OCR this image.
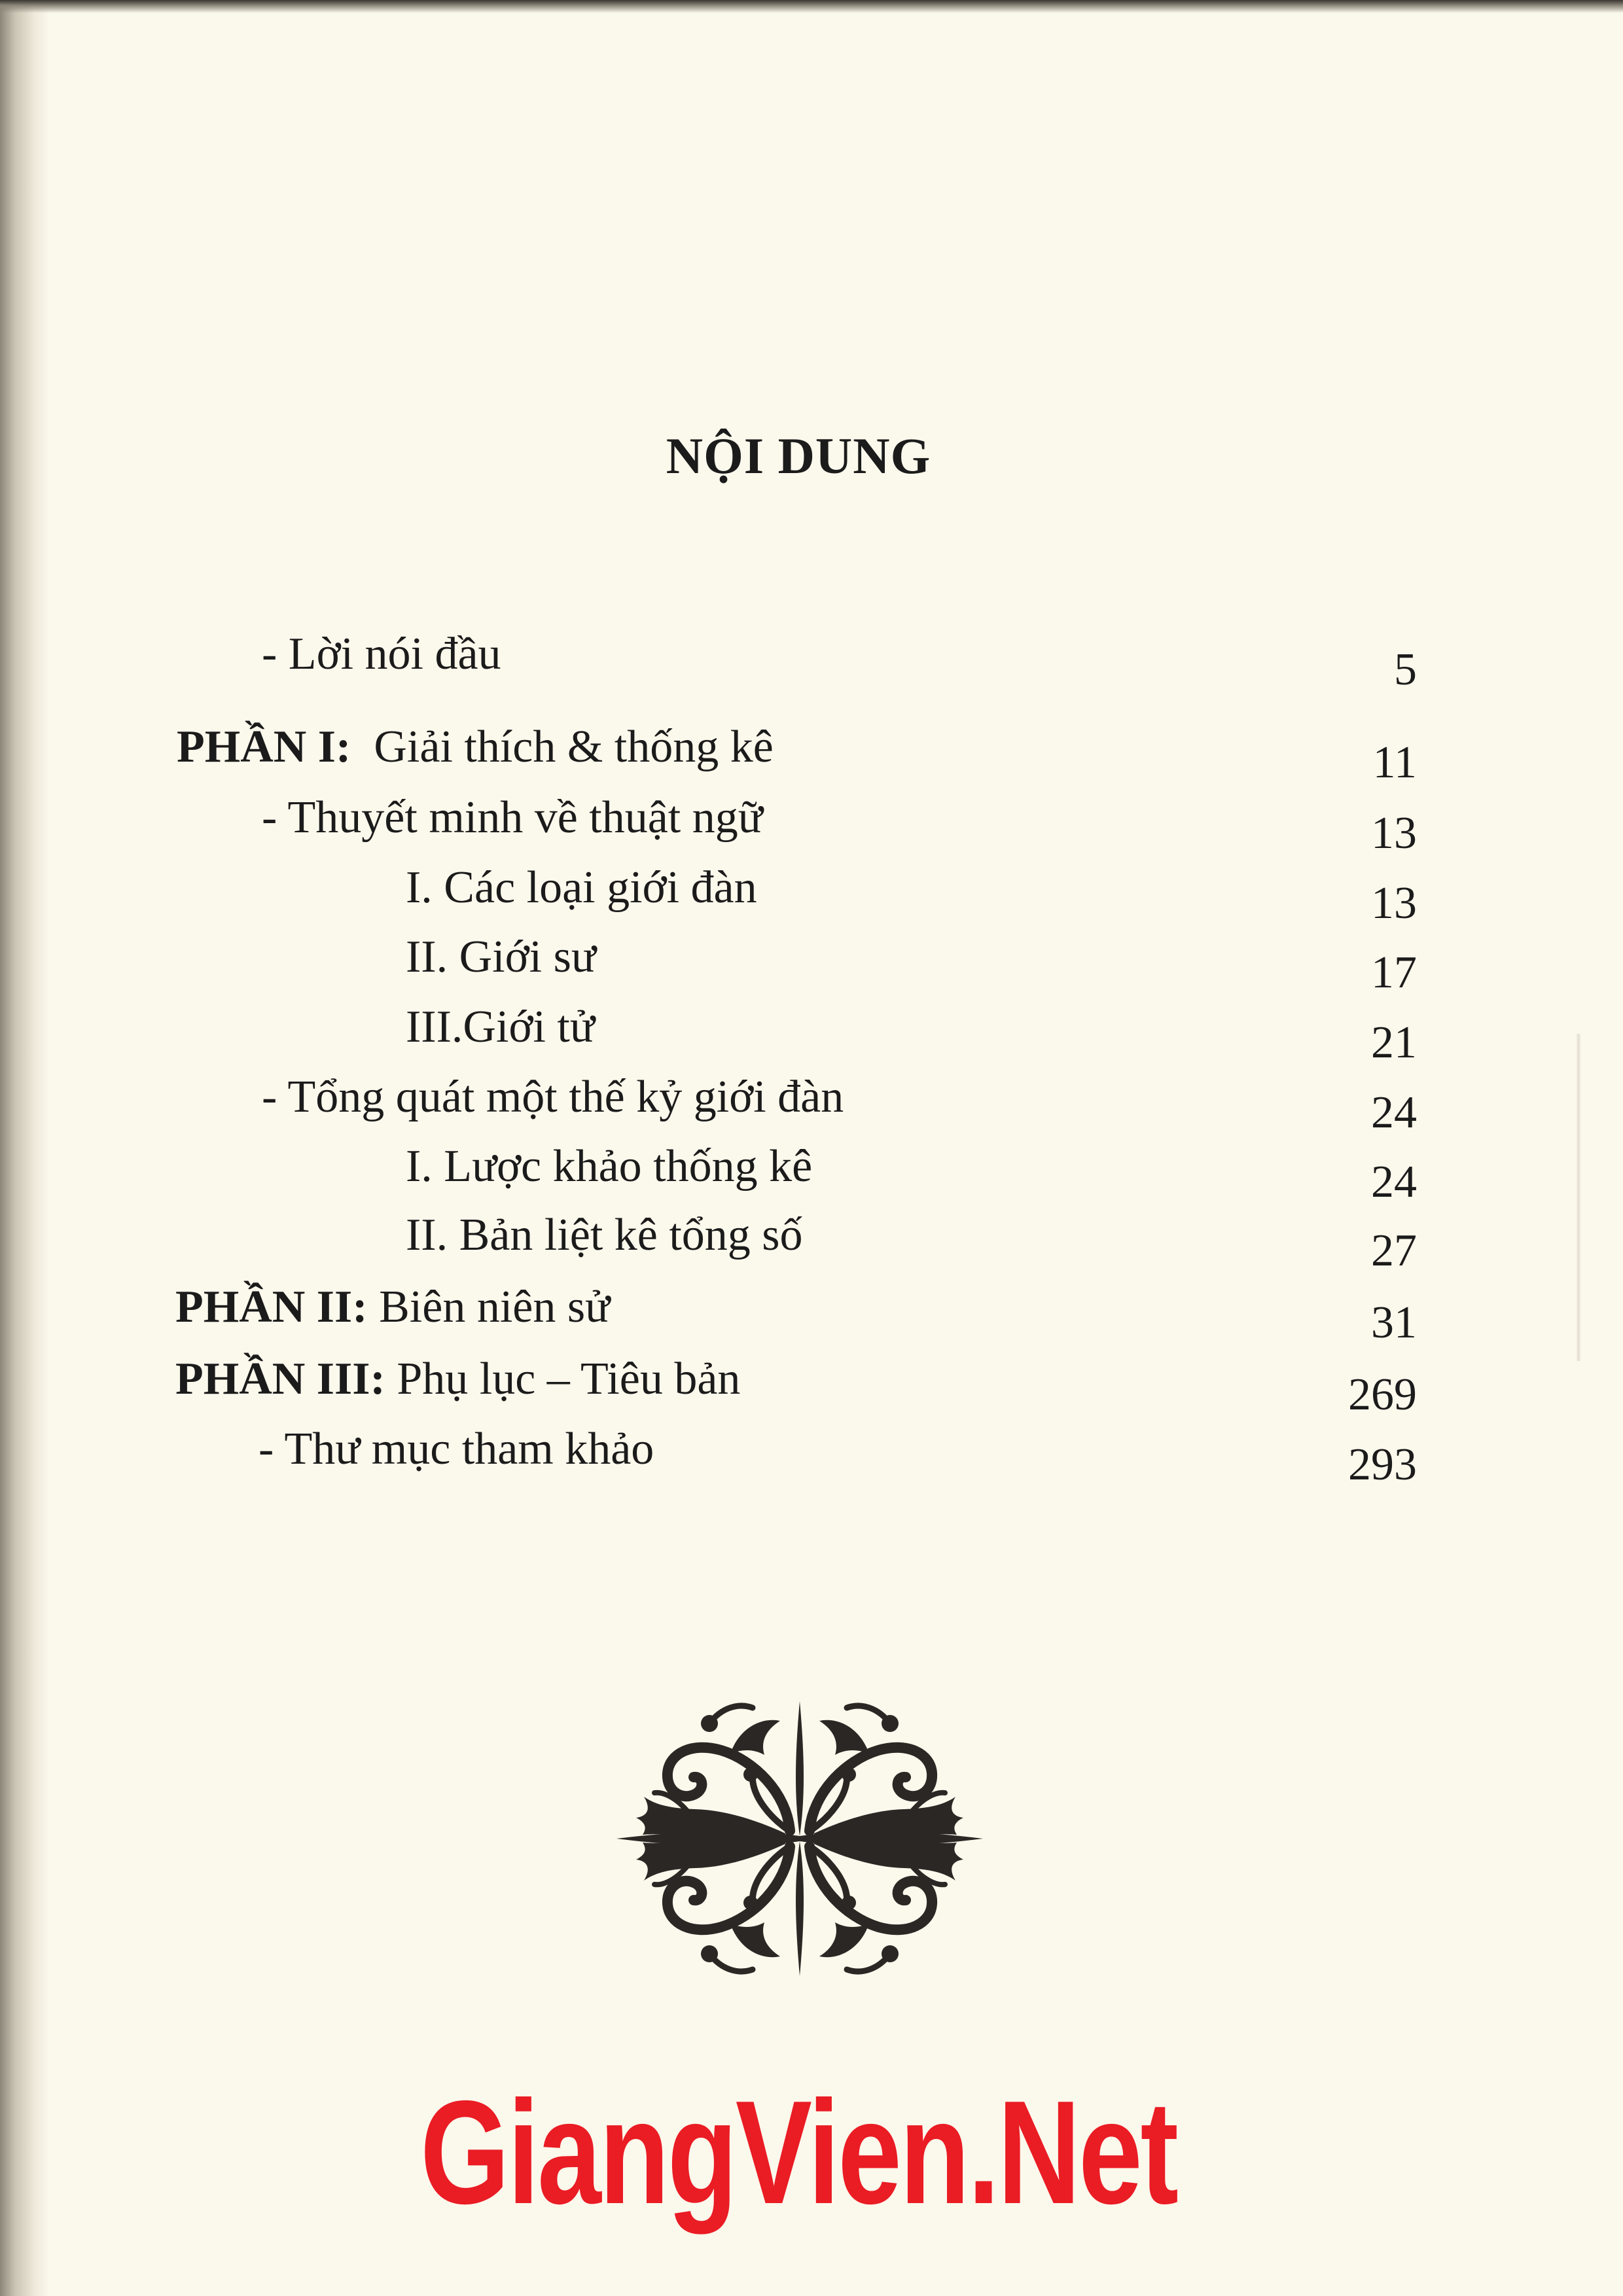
NỘI DUNG
- Lời nói đầu	5
PHẦN I: Giải thích & thống kê	11
- Thuyết minh về thuật ngữ	13
I. Các loại giới đàn	13
II. Giới sư	17
III.Giới tử	21
- Tổng quát một thế kỷ giới đàn	24
I. Lược khảo thống kê	24
II. Bản liệt kê tổng số	27
PHẦN II: Biên niên sử	31
PHẦN III: Phụ lục – Tiêu bản	269
- Thư mục tham khảo	293
GiangVien.Net
